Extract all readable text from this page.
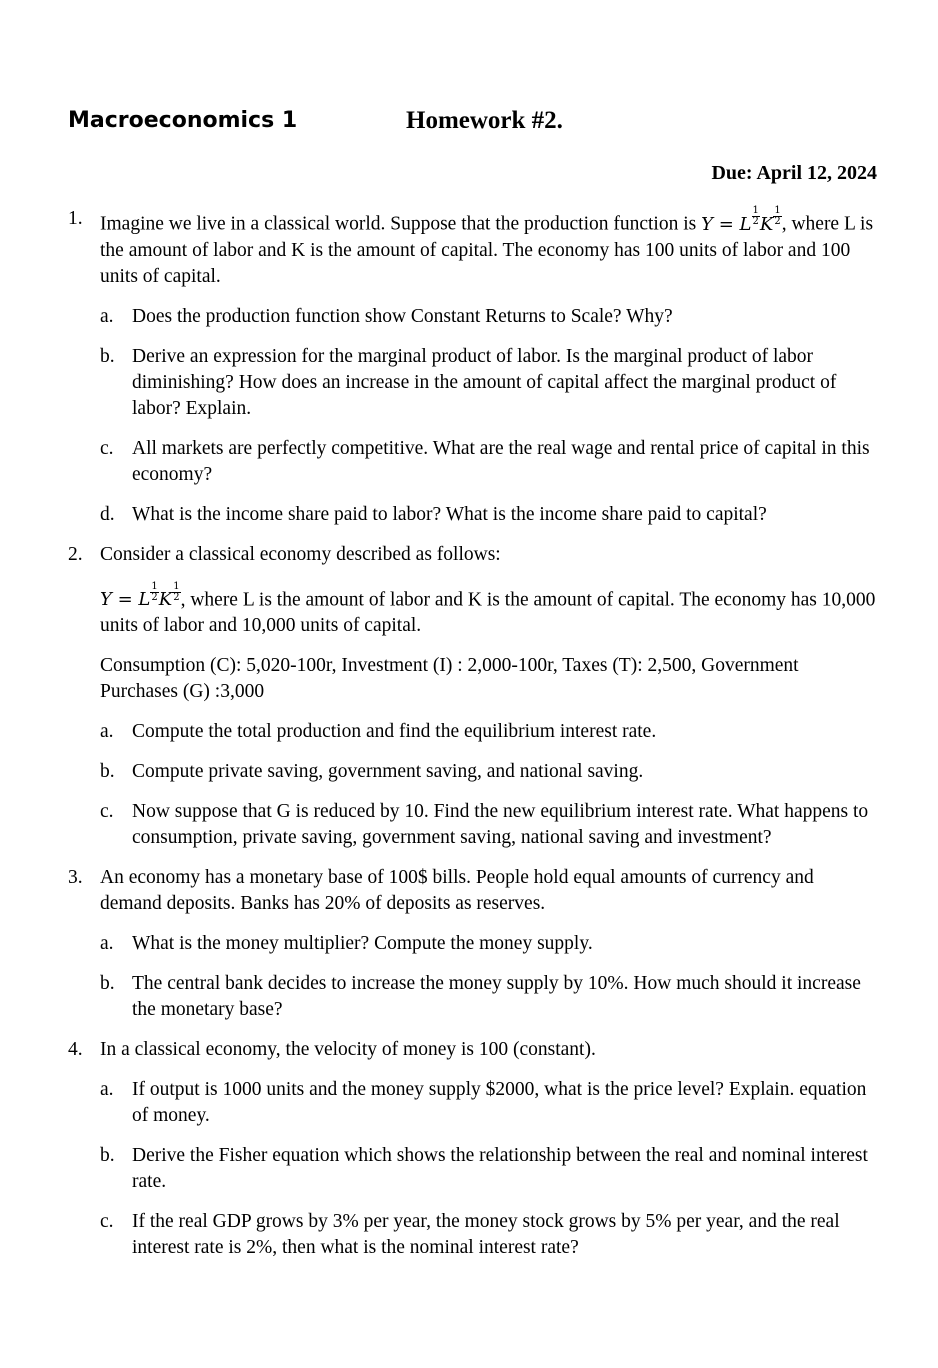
Macroeconomics 1	Homework #2.
Due: April 12, 2024
1. Imagine we live in a classical world. Suppose that the production function is Y = L $\frac{1}{2}$ K $\frac{1}{2}$ , where L is the amount of labor and K is the amount of capital. The economy has 100 units of labor and 100 units of capital.

a. Does the production function show Constant Returns to Scale? Why?
b. Derive an expression for the marginal product of labor. Is the marginal product of labor diminishing? How does an increase in the amount of capital affect the marginal product of labor? Explain.
c. All markets are perfectly competitive. What are the real wage and rental price of capital in this economy?
d. What is the income share paid to labor? What is the income share paid to capital?
2. Consider a classical economy described as follows:

Y = L $\frac{1}{2}$ K $\frac{1}{2}$ , where L is the amount of labor and K is the amount of capital. The economy has 10,000 units of labor and 10,000 units of capital.

Consumption (C): 5,020-100r, Investment (I) : 2,000-100r, Taxes (T): 2,500, Government Purchases (G) :3,000

a. Compute the total production and find the equilibrium interest rate.
b. Compute private saving, government saving, and national saving.
c. Now suppose that G is reduced by 10. Find the new equilibrium interest rate. What happens to consumption, private saving, government saving, national saving and investment?
3. An economy has a monetary base of 100$ bills. People hold equal amounts of currency and demand deposits. Banks has 20% of deposits as reserves.

a. What is the money multiplier? Compute the money supply.
b. The central bank decides to increase the money supply by 10%. How much should it increase the monetary base?
4. In a classical economy, the velocity of money is 100 (constant).

a. If output is 1000 units and the money supply $2000, what is the price level? Explain. equation of money.
b. Derive the Fisher equation which shows the relationship between the real and nominal interest rate.
c. If the real GDP grows by 3% per year, the money stock grows by 5% per year, and the real interest rate is 2%, then what is the nominal interest rate?
